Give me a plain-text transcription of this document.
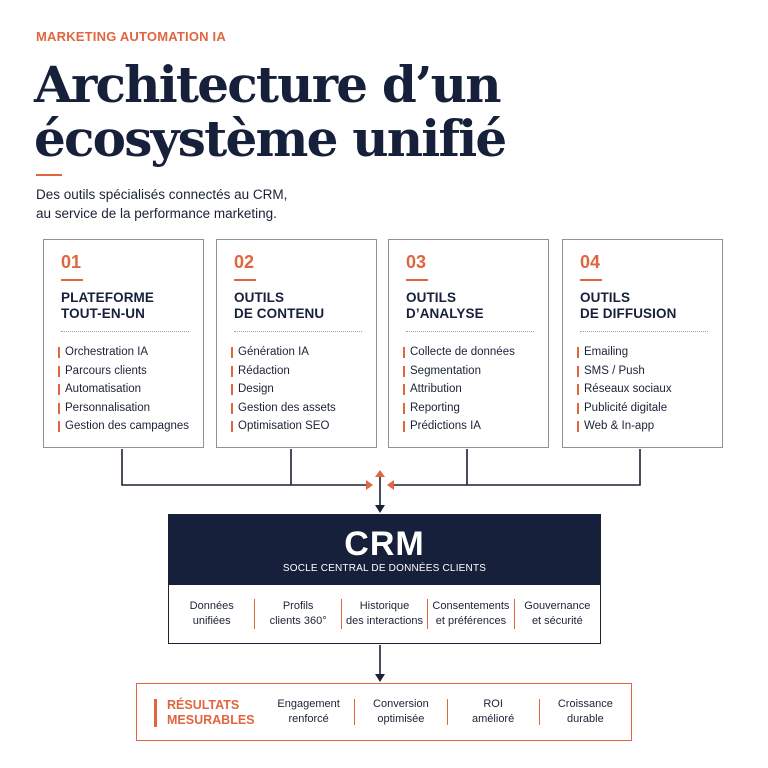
MARKETING AUTOMATION IA
Architecture d’un
écosystème unifié
Des outils spécialisés connectés au CRM,
au service de la performance marketing.
01
PLATEFORME
TOUT-EN-UN
Orchestration IA
Parcours clients
Automatisation
Personnalisation
Gestion des campagnes
02
OUTILS
DE CONTENU
Génération IA
Rédaction
Design
Gestion des assets
Optimisation SEO
03
OUTILS
D’ANALYSE
Collecte de données
Segmentation
Attribution
Reporting
Prédictions IA
04
OUTILS
DE DIFFUSION
Emailing
SMS / Push
Réseaux sociaux
Publicité digitale
Web & In-app
CRM
SOCLE CENTRAL DE DONNÉES CLIENTS
Données
unifiées
Profils
clients 360°
Historique
des interactions
Consentements
et préférences
Gouvernance
et sécurité
RÉSULTATS
MESURABLES
Engagement
renforcé
Conversion
optimisée
ROI
amélioré
Croissance
durable
